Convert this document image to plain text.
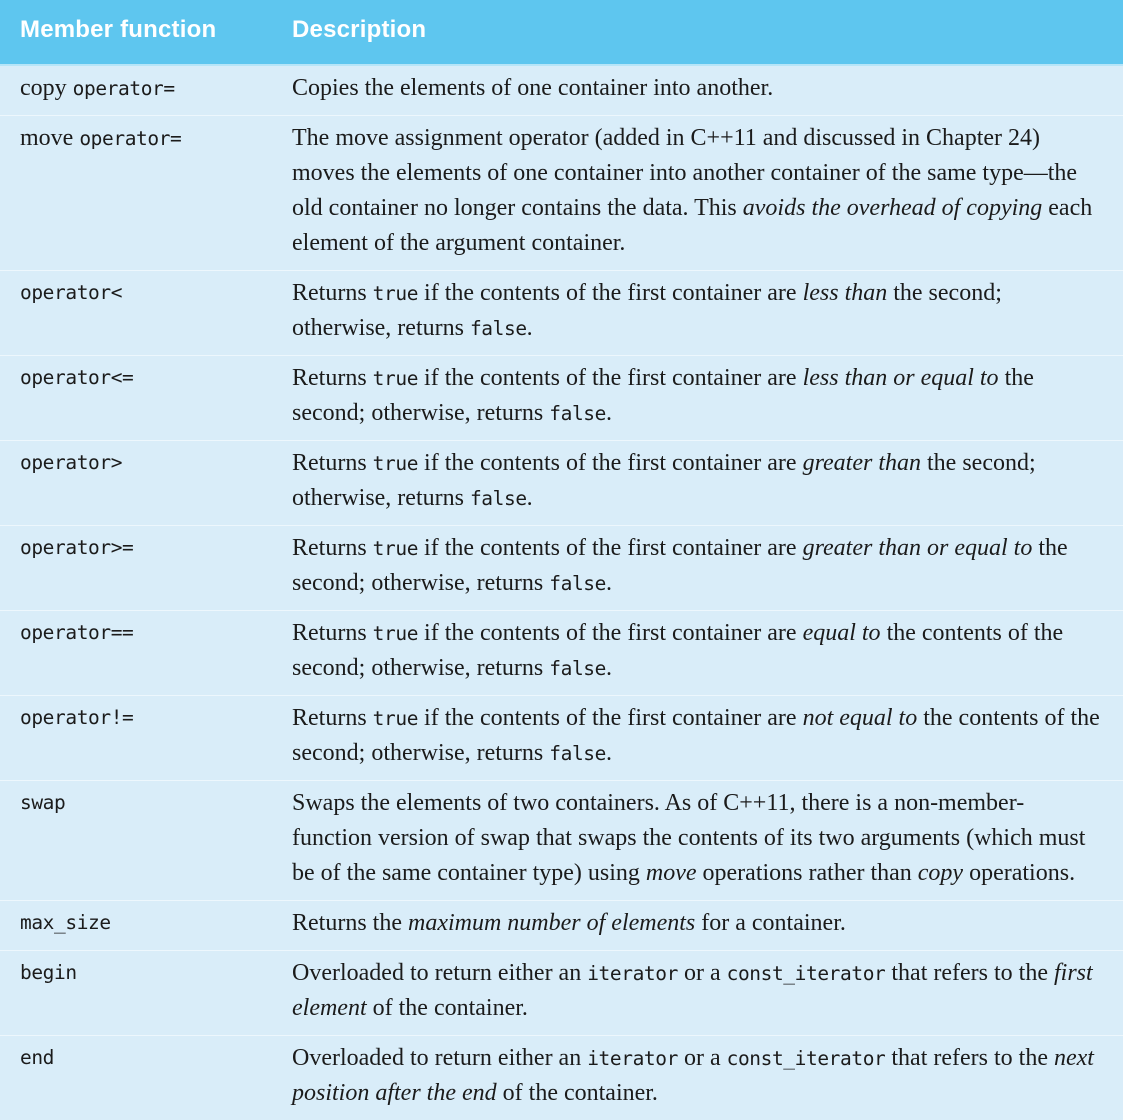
Member function	Description
copy operator=	Copies the elements of one container into another.
move operator=	The move assignment operator (added in C++11 and discussed in Chapter 24) moves the elements of one container into another container of the same type—the old container no longer contains the data. This avoids the overhead of copying each element of the argument container.
operator<	Returns true if the contents of the first container are less than the second; otherwise, returns false.
operator<=	Returns true if the contents of the first container are less than or equal to the second; otherwise, returns false.
operator>	Returns true if the contents of the first container are greater than the second; otherwise, returns false.
operator>=	Returns true if the contents of the first container are greater than or equal to the second; otherwise, returns false.
operator==	Returns true if the contents of the first container are equal to the contents of the second; otherwise, returns false.
operator!=	Returns true if the contents of the first container are not equal to the contents of the second; otherwise, returns false.
swap	Swaps the elements of two containers. As of C++11, there is a non-member-function version of swap that swaps the contents of its two arguments (which must be of the same container type) using move operations rather than copy operations.
max_size	Returns the maximum number of elements for a container.
begin	Overloaded to return either an iterator or a const_iterator that refers to the first element of the container.
end	Overloaded to return either an iterator or a const_iterator that refers to the next position after the end of the container.
